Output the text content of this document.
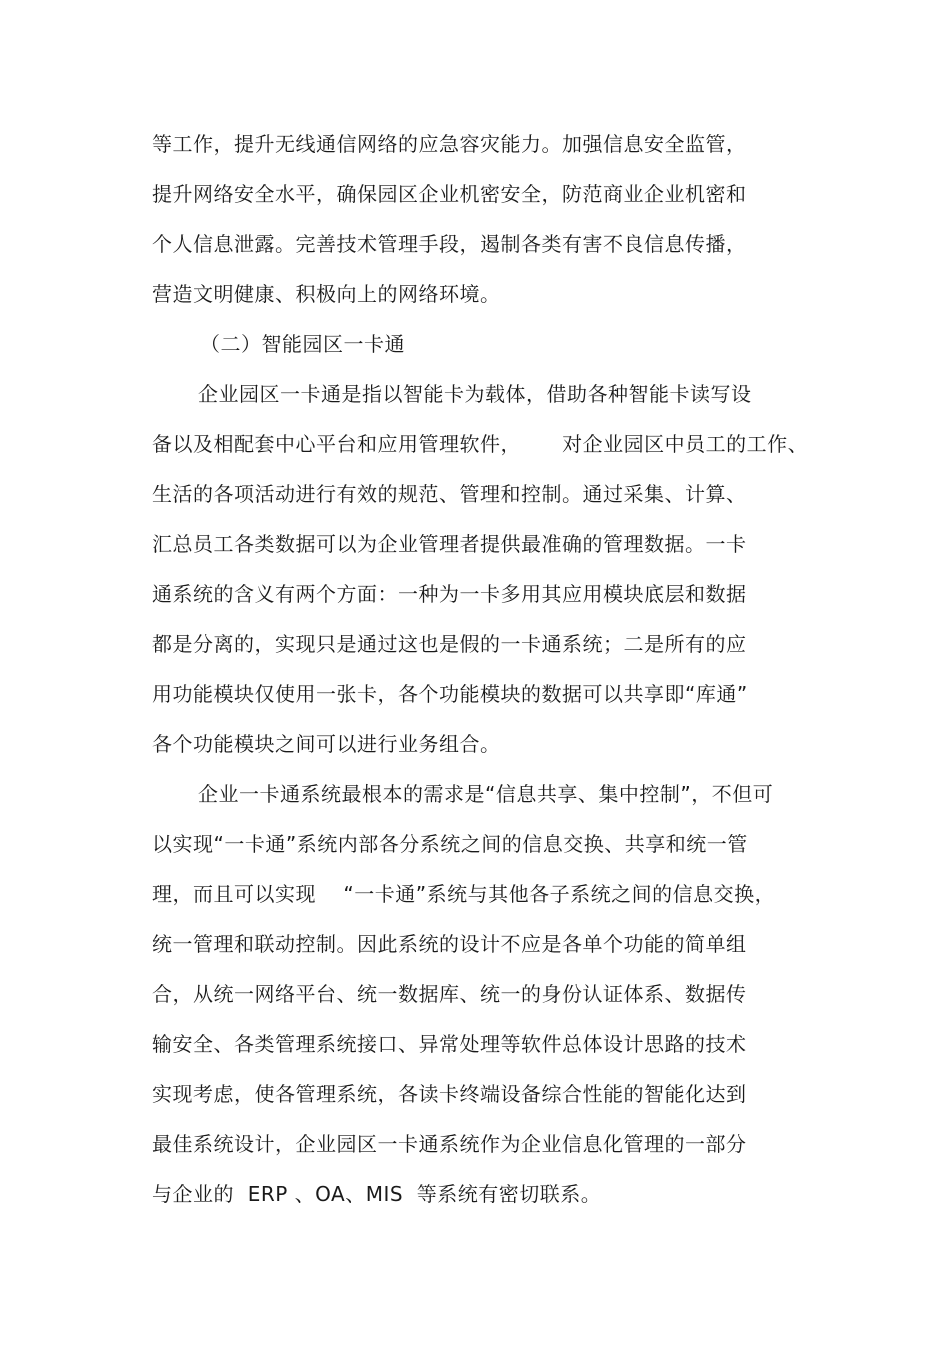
等工作，提升无线通信网络的应急容灾能力。加强信息安全监管，
提升网络安全水平，确保园区企业机密安全，防范商业企业机密和
个人信息泄露。完善技术管理手段，遏制各类有害不良信息传播，
营造文明健康、积极向上的网络环境。
（二）智能园区一卡通
企业园区一卡通是指以智能卡为载体，借助各种智能卡读写设
备以及相配套中心平台和应用管理软件，      对企业园区中员工的工作、
生活的各项活动进行有效的规范、管理和控制。通过采集、计算、
汇总员工各类数据可以为企业管理者提供最准确的管理数据。一卡
通系统的含义有两个方面：一种为一卡多用其应用模块底层和数据
都是分离的，实现只是通过这也是假的一卡通系统；二是所有的应
用功能模块仅使用一张卡，各个功能模块的数据可以共享即“库通”
各个功能模块之间可以进行业务组合。
企业一卡通系统最根本的需求是“信息共享、集中控制”，不但可
以实现“一卡通”系统内部各分系统之间的信息交换、共享和统一管
理，而且可以实现    “一卡通”系统与其他各子系统之间的信息交换，
统一管理和联动控制。因此系统的设计不应是各单个功能的简单组
合，从统一网络平台、统一数据库、统一的身份认证体系、数据传
输安全、各类管理系统接口、异常处理等软件总体设计思路的技术
实现考虑，使各管理系统，各读卡终端设备综合性能的智能化达到
最佳系统设计，企业园区一卡通系统作为企业信息化管理的一部分
与企业的  ERP 、OA、MIS  等系统有密切联系。
